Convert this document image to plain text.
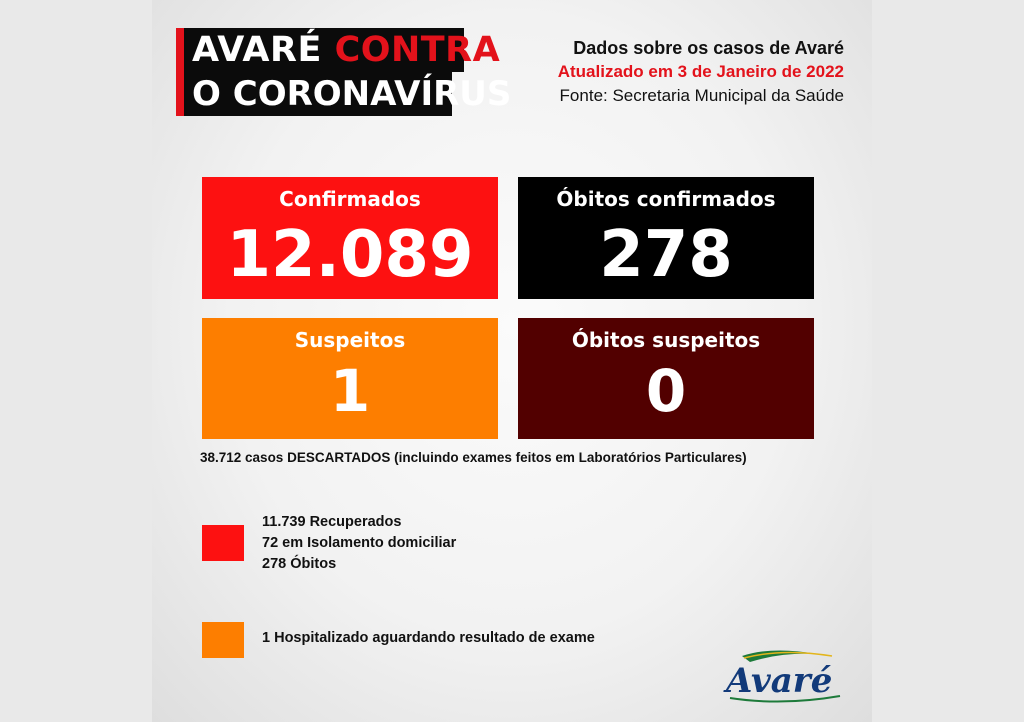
AVARÉ CONTRA
O CORONAVÍRUS
Dados sobre os casos de Avaré
Atualizado em 3 de Janeiro de 2022
Fonte: Secretaria Municipal da Saúde
Confirmados
12.089
Óbitos confirmados
278
Suspeitos
1
Óbitos suspeitos
0
38.712 casos DESCARTADOS (incluindo exames feitos em Laboratórios Particulares)
11.739 Recuperados
72 em Isolamento domiciliar
278 Óbitos
1 Hospitalizado aguardando resultado de exame
Avaré
